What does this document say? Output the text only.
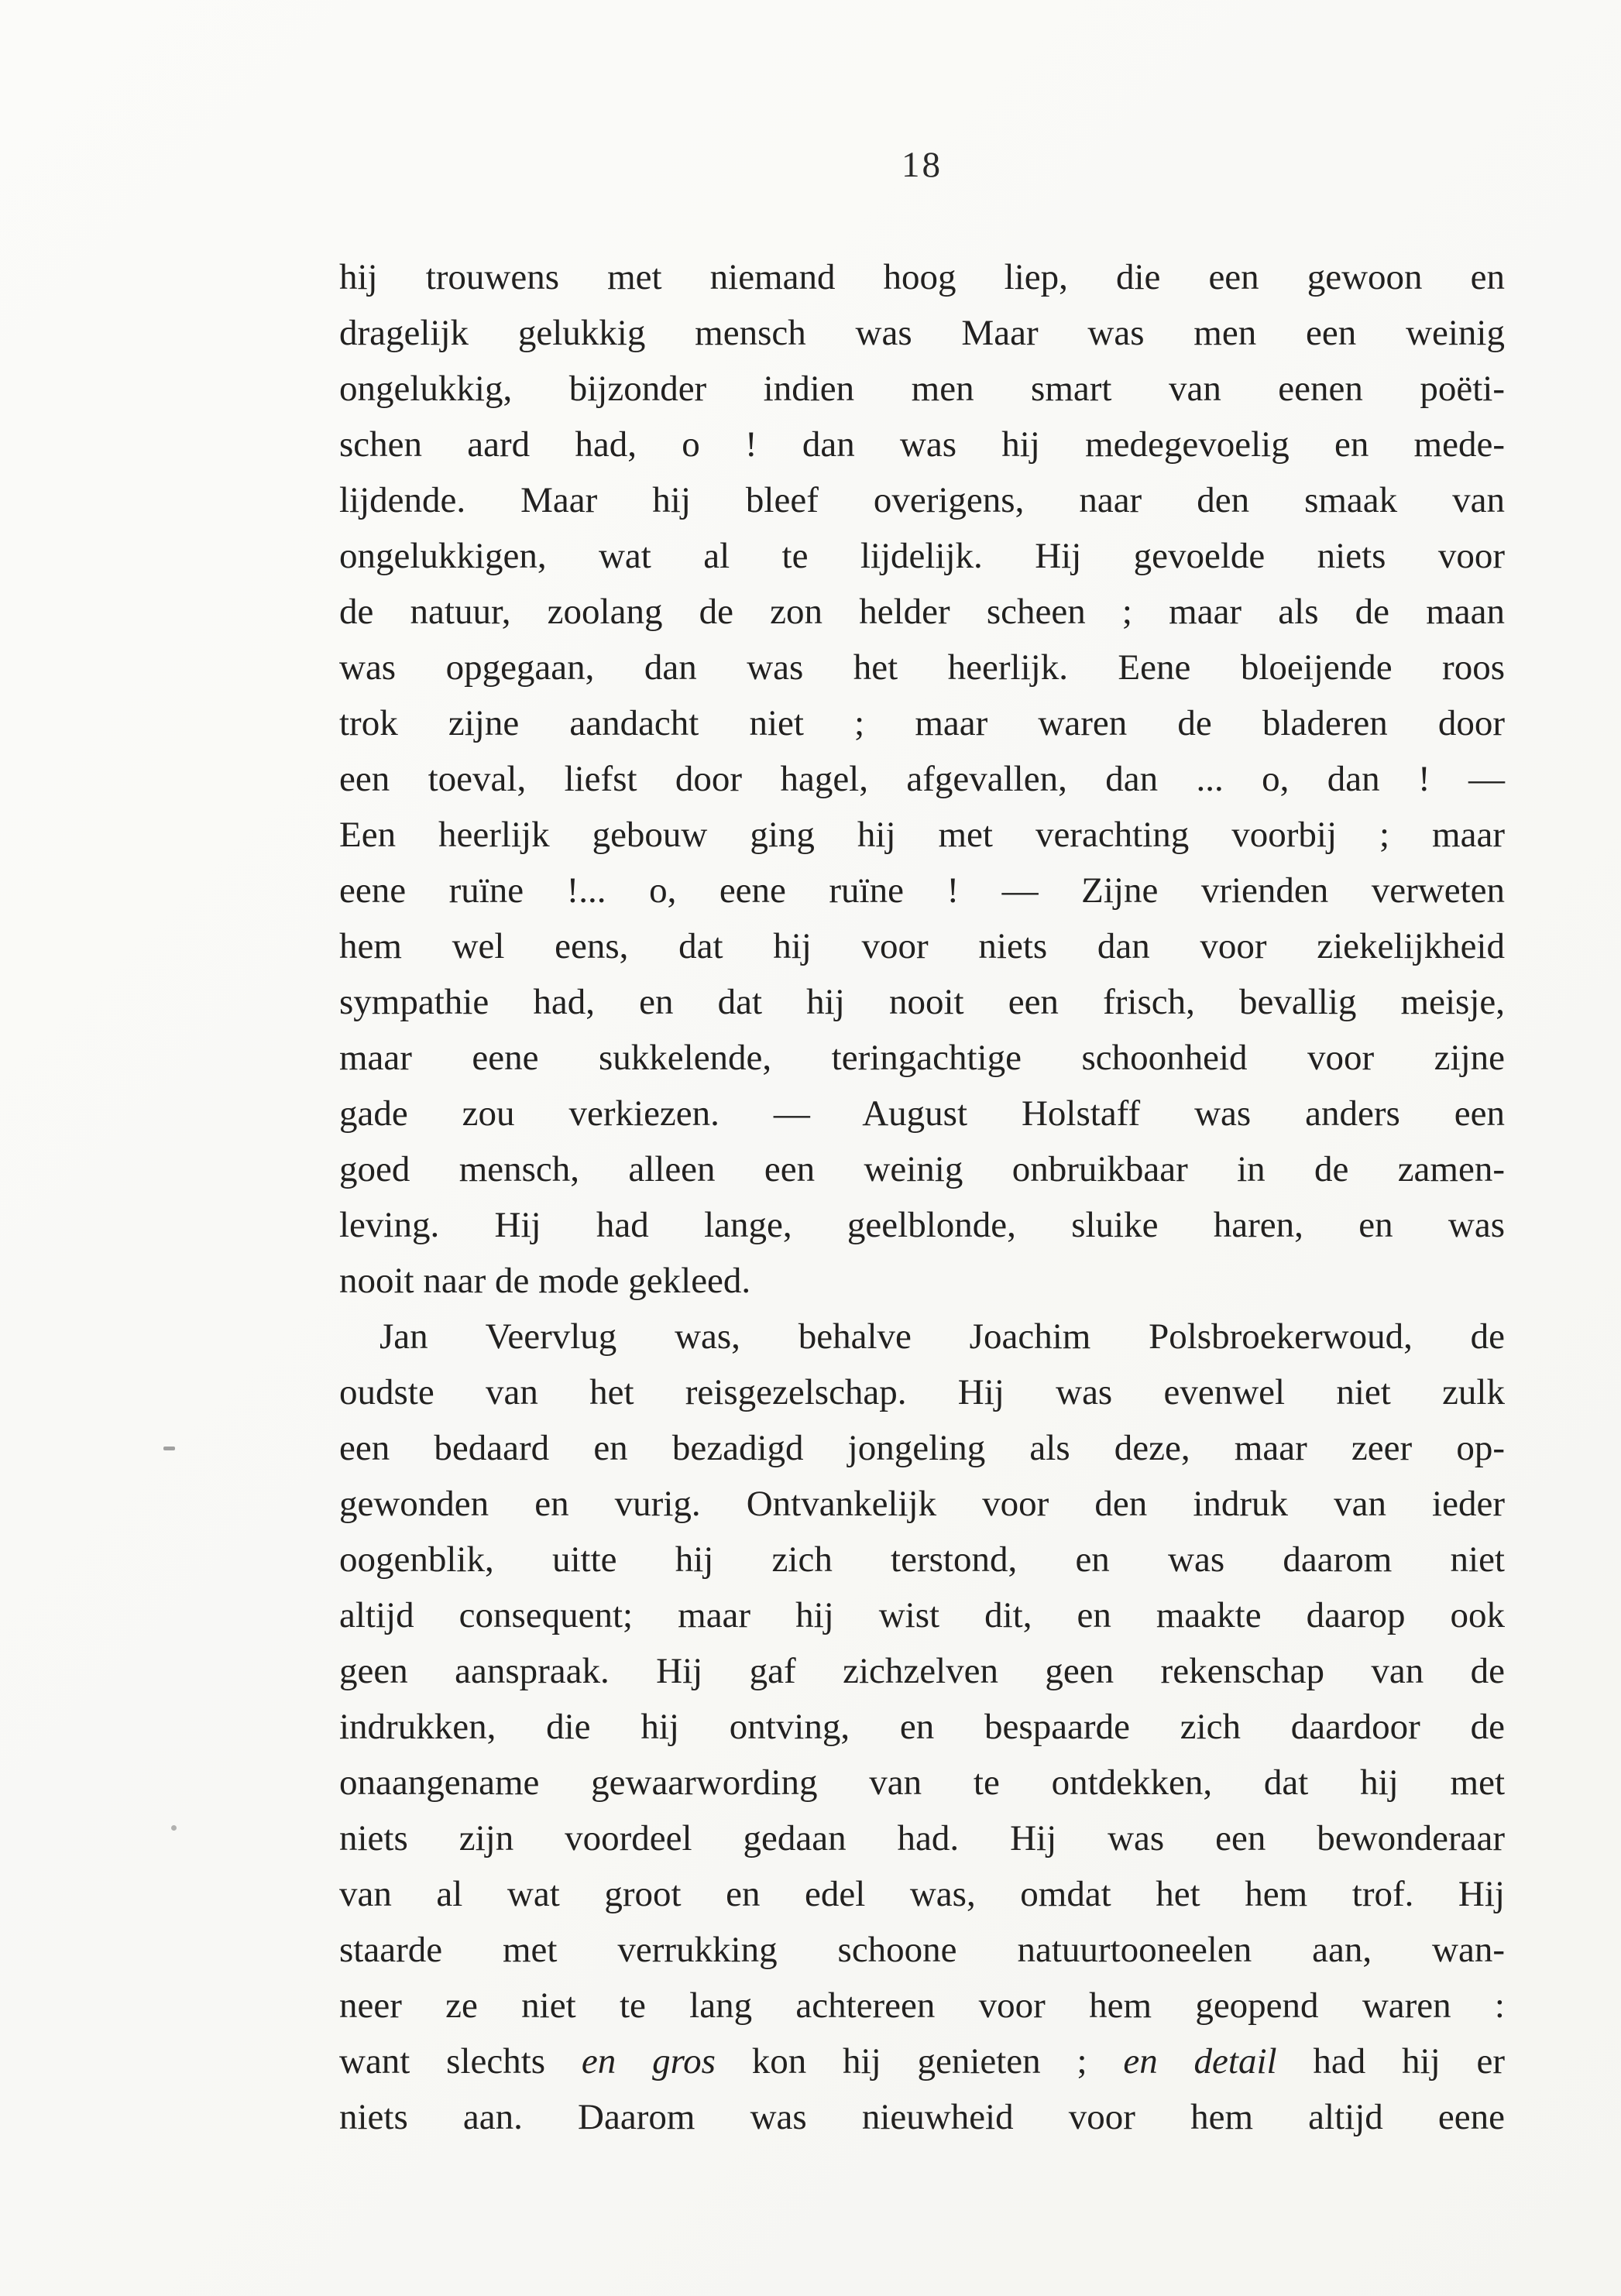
18
hij trouwens met niemand hoog liep, die een gewoon en
dragelijk gelukkig mensch was Maar was men een weinig
ongelukkig, bijzonder indien men smart van eenen poëti-
schen aard had, o ! dan was hij medegevoelig en mede-
lijdende. Maar hij bleef overigens, naar den smaak van
ongelukkigen, wat al te lijdelijk. Hij gevoelde niets voor
de natuur, zoolang de zon helder scheen ; maar als de maan
was opgegaan, dan was het heerlijk. Eene bloeijende roos
trok zijne aandacht niet ; maar waren de bladeren door
een toeval, liefst door hagel, afgevallen, dan ... o, dan ! —
Een heerlijk gebouw ging hij met verachting voorbij ; maar
eene ruïne !... o, eene ruïne ! — Zijne vrienden verweten
hem wel eens, dat hij voor niets dan voor ziekelijkheid
sympathie had, en dat hij nooit een frisch, bevallig meisje,
maar eene sukkelende, teringachtige schoonheid voor zijne
gade zou verkiezen. — August Holstaff was anders een
goed mensch, alleen een weinig onbruikbaar in de zamen-
leving. Hij had lange, geelblonde, sluike haren, en was
nooit naar de mode gekleed.
Jan Veervlug was, behalve Joachim Polsbroekerwoud, de
oudste van het reisgezelschap. Hij was evenwel niet zulk
een bedaard en bezadigd jongeling als deze, maar zeer op-
gewonden en vurig. Ontvankelijk voor den indruk van ieder
oogenblik, uitte hij zich terstond, en was daarom niet
altijd consequent; maar hij wist dit, en maakte daarop ook
geen aanspraak. Hij gaf zichzelven geen rekenschap van de
indrukken, die hij ontving, en bespaarde zich daardoor de
onaangename gewaarwording van te ontdekken, dat hij met
niets zijn voordeel gedaan had. Hij was een bewonderaar
van al wat groot en edel was, omdat het hem trof. Hij
staarde met verrukking schoone natuurtooneelen aan, wan-
neer ze niet te lang achtereen voor hem geopend waren :
want slechts en gros kon hij genieten ; en detail had hij er
niets aan. Daarom was nieuwheid voor hem altijd eene
